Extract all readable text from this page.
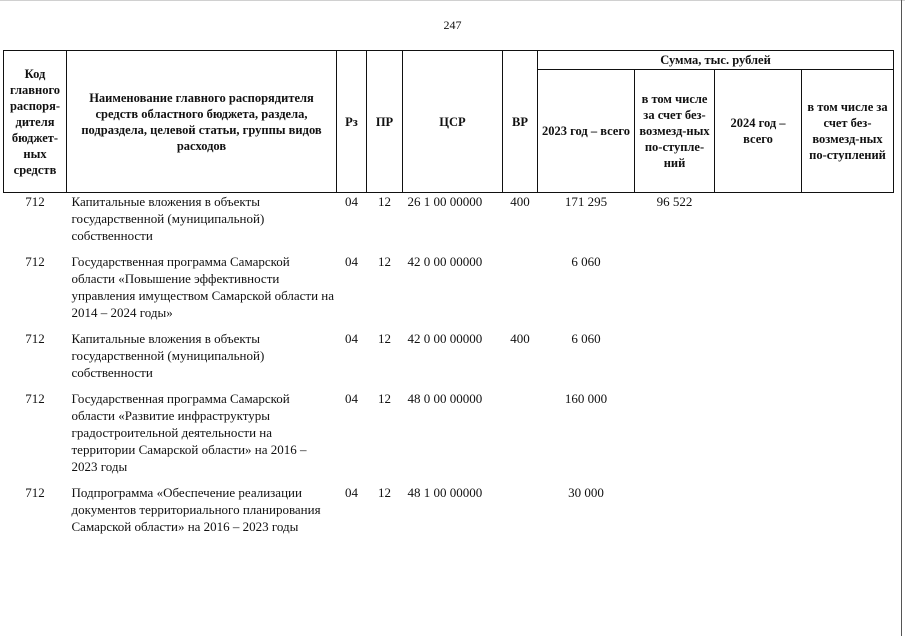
247
Код главного распоря-дителя бюджет-ных средств	Наименование главного распорядителя средств областного бюджета, раздела, подраздела, целевой статьи, группы видов расходов	Рз	ПР	ЦСР	ВР	Сумма, тыс. рублей			
						2023 год – всего	в том числе за счет без-возмезд-ных по-ступле-ний	2024 год – всего	в том числе за счет без-возмезд-ных по-ступлений
712	Капитальные вложения в объекты государственной (муниципальной) собственности	04	12	26 1 00 00000	400	171 295	96 522		
712	Государственная программа Самарской области «Повышение эффективности управления имуществом Самарской области на 2014 – 2024 годы»	04	12	42 0 00 00000		6 060			
712	Капитальные вложения в объекты государственной (муниципальной) собственности	04	12	42 0 00 00000	400	6 060			
712	Государственная программа Самарской области «Развитие инфраструктуры градостроительной деятельности на территории Самарской области» на 2016 – 2023 годы	04	12	48 0 00 00000		160 000			
712	Подпрограмма «Обеспечение реализации документов территориального планирования Самарской области» на 2016 – 2023 годы	04	12	48 1 00 00000		30 000			
